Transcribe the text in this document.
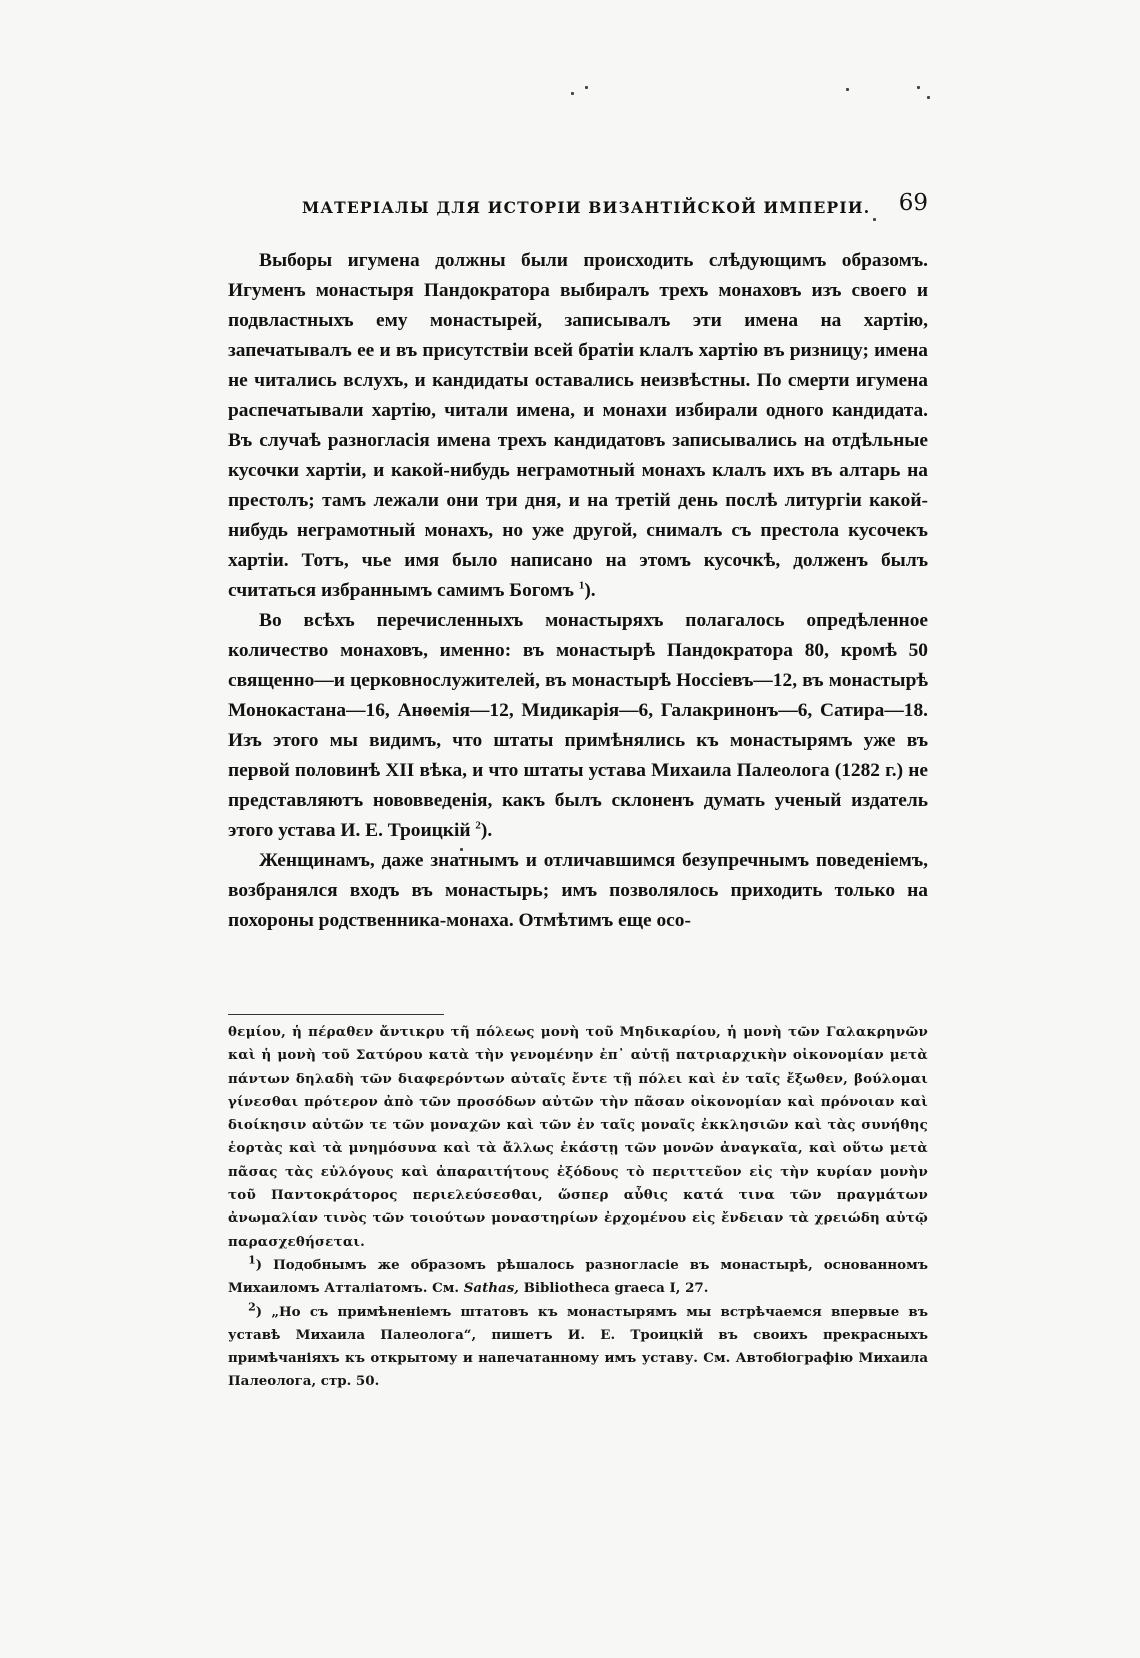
МАТЕРІАЛЫ ДЛЯ ИСТОРІИ ВИЗАНТІЙСКОЙ ИМПЕРІИ. 69

Выборы игумена должны были происходить слѣдующимъ образомъ. Игуменъ монастыря Пандократора выбиралъ трехъ монаховъ изъ своего и подвластныхъ ему монастырей, записывалъ эти имена на хартію, запечатывалъ ее и въ присутствіи всей братіи клалъ хартію въ ризницу; имена не читались вслухъ, и кандидаты оставались неизвѣстны. По смерти игумена распечатывали хартію, читали имена, и монахи избирали одного кандидата. Въ случаѣ разногласія имена трехъ кандидатовъ записывались на отдѣльные кусочки хартіи, и какой-нибудь неграмотный монахъ клалъ ихъ въ алтарь на престолъ; тамъ лежали они три дня, и на третій день послѣ литургіи какой-нибудь неграмотный монахъ, но уже другой, снималъ съ престола кусочекъ хартіи. Тотъ, чье имя было написано на этомъ кусочкѣ, долженъ былъ считаться избраннымъ самимъ Богомъ $^1$).

Во всѣхъ перечисленныхъ монастыряхъ полагалось опредѣленное количество монаховъ, именно: въ монастырѣ Пандократора 80, кромѣ 50 священно—и церковнослужителей, въ монастырѣ Носсіевъ—12, въ монастырѣ Монокастана—16, Анѳемія—12, Мидикарія—6, Галакринонъ—6, Сатира—18. Изъ этого мы видимъ, что штаты примѣнялись къ монастырямъ уже въ первой половинѣ XII вѣка, и что штаты устава Михаила Палеолога (1282 г.) не представляютъ нововведенія, какъ былъ склоненъ думать ученый издатель этого устава И. Е. Троицкій $^2$).

Женщинамъ, даже знатнымъ и отличавшимся безупречнымъ поведеніемъ, возбранялся входъ въ монастырь; имъ позволялось приходить только на похороны родственника-монаха. Отмѣтимъ еще осо-

θεμίου, ἡ πέραθεν ἄντικρυ τῆ πόλεως μονὴ τοῦ Μηδικαρίου, ἡ μονὴ τῶν Γαλακρηνῶν καὶ ἡ μονὴ τοῦ Σατύρου κατὰ τὴν γενομένην ἐπ᾽ αὐτῇ πατριαρχικὴν οἰκονομίαν μετὰ πάντων δηλαδὴ τῶν διαφερόντων αὐταῖς ἔντε τῇ πόλει καὶ ἐν ταῖς ἔξωθεν, βούλομαι γίνεσθαι πρότερον ἀπὸ τῶν προσόδων αὐτῶν τὴν πᾶσαν οἰκονομίαν καὶ πρόνοιαν καὶ διοίκησιν αὐτῶν τε τῶν μοναχῶν καὶ τῶν ἐν ταῖς μοναῖς ἐκκλησιῶν καὶ τὰς συνήθης ἑορτὰς καὶ τὰ μνημόσυνα καὶ τὰ ἄλλως ἑκάστῃ τῶν μονῶν ἀναγκαῖα, καὶ οὕτω μετὰ πᾶσας τὰς εὐλόγους καὶ ἀπαραιτήτους ἐξόδους τὸ περιττεῦον εἰς τὴν κυρίαν μονὴν τοῦ Παντοκράτορος περιελεύσεσθαι, ὥσπερ αὖθις κατά τινα τῶν πραγμάτων ἀνωμαλίαν τινὸς τῶν τοιούτων μοναστηρίων ἐρχομένου εἰς ἔνδειαν τὰ χρειώδη αὐτῷ παρασχεθήσεται.

$^1$) Подобнымъ же образомъ рѣшалось разногласіе въ монастырѣ, основанномъ Михаиломъ Атталіатомъ. См. Sathas, Bibliotheca graeca I, 27.

$^2$) „Но съ примѣненіемъ штатовъ къ монастырямъ мы встрѣчаемся впервые въ уставѣ Михаила Палеолога“, пишетъ И. Е. Троицкій въ своихъ прекрасныхъ примѣчаніяхъ къ открытому и напечатанному имъ уставу. См. Автобіографію Михаила Палеолога, стр. 50.
